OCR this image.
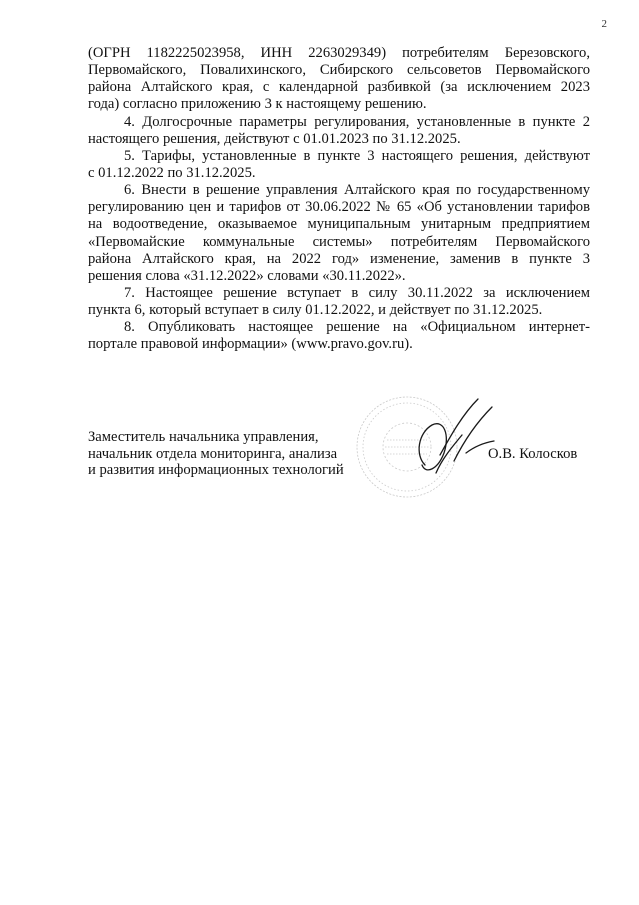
2
(ОГРН 1182225023958, ИНН 2263029349) потребителям Березовского,
Первомайского, Повалихинского, Сибирского сельсоветов Первомайского
района Алтайского края, с календарной разбивкой (за исключением 2023
года) согласно приложению 3 к настоящему решению.
4. Долгосрочные параметры регулирования, установленные в пункте 2
настоящего решения, действуют с 01.01.2023 по 31.12.2025.
5. Тарифы, установленные в пункте 3 настоящего решения, действуют
с 01.12.2022 по 31.12.2025.
6. Внести в решение управления Алтайского края по государственному
регулированию цен и тарифов от 30.06.2022 № 65 «Об установлении тарифов
на водоотведение, оказываемое муниципальным унитарным предприятием
«Первомайские коммунальные системы» потребителям Первомайского
района Алтайского края, на 2022 год» изменение, заменив в пункте 3
решения слова «31.12.2022» словами «30.11.2022».
7. Настоящее решение вступает в силу 30.11.2022 за исключением
пункта 6, который вступает в силу 01.12.2022, и действует по 31.12.2025.
8. Опубликовать настоящее решение на «Официальном интернет-
портале правовой информации» (www.pravo.gov.ru).
Заместитель начальника управления,
начальник отдела мониторинга, анализа
и развития информационных технологий
О.В. Колосков
